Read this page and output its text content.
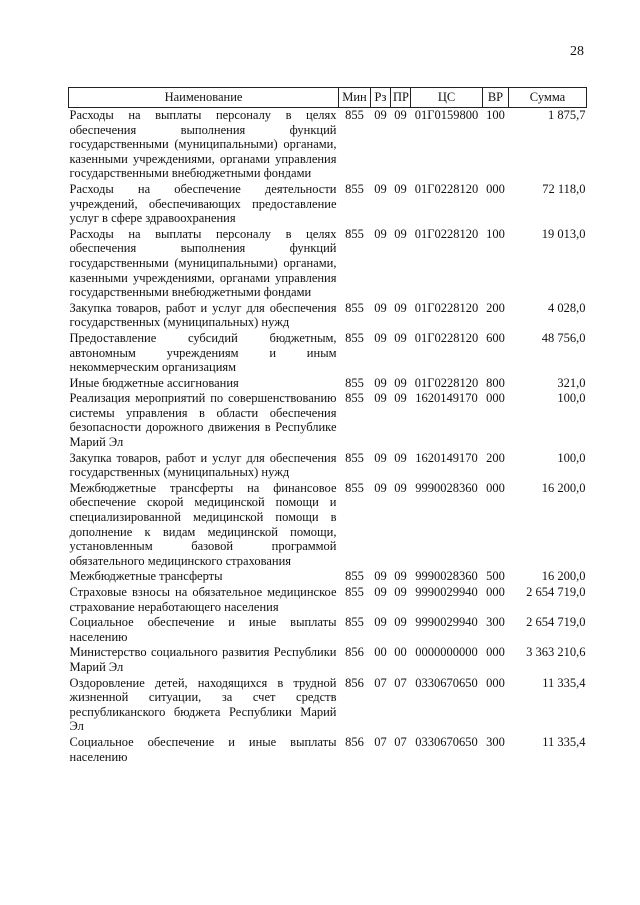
28
Наименование	Мин	Рз	ПР	ЦС	ВР	Сумма
Расходы на выплаты персоналу в целях обеспечения выполнения функций государственными (муниципальными) органами, казенными учреждениями, органами управления государственными внебюджетными фондами	855	09	09	01Г0159800	100	1 875,7
Расходы на обеспечение деятельности учреждений, обеспечивающих предоставление услуг в сфере здравоохранения	855	09	09	01Г0228120	000	72 118,0
Расходы на выплаты персоналу в целях обеспечения выполнения функций государственными (муниципальными) органами, казенными учреждениями, органами управления государственными внебюджетными фондами	855	09	09	01Г0228120	100	19 013,0
Закупка товаров, работ и услуг для обеспечения государственных (муниципальных) нужд	855	09	09	01Г0228120	200	4 028,0
Предоставление субсидий бюджетным, автономным учреждениям и иным некоммерческим организациям	855	09	09	01Г0228120	600	48 756,0
Иные бюджетные ассигнования	855	09	09	01Г0228120	800	321,0
Реализация мероприятий по совершенствованию системы управления в области обеспечения безопасности дорожного движения в Республике Марий Эл	855	09	09	1620149170	000	100,0
Закупка товаров, работ и услуг для обеспечения государственных (муниципальных) нужд	855	09	09	1620149170	200	100,0
Межбюджетные трансферты на финансовое обеспечение скорой медицинской помощи и специализированной медицинской помощи в дополнение к видам медицинской помощи, установленным базовой программой обязательного медицинского страхования	855	09	09	9990028360	000	16 200,0
Межбюджетные трансферты	855	09	09	9990028360	500	16 200,0
Страховые взносы на обязательное медицинское страхование неработающего населения	855	09	09	9990029940	000	2 654 719,0
Социальное обеспечение и иные выплаты населению	855	09	09	9990029940	300	2 654 719,0
Министерство социального развития Республики Марий Эл	856	00	00	0000000000	000	3 363 210,6
Оздоровление детей, находящихся в трудной жизненной ситуации, за счет средств республиканского бюджета Республики Марий Эл	856	07	07	0330670650	000	11 335,4
Социальное обеспечение и иные выплаты населению	856	07	07	0330670650	300	11 335,4
